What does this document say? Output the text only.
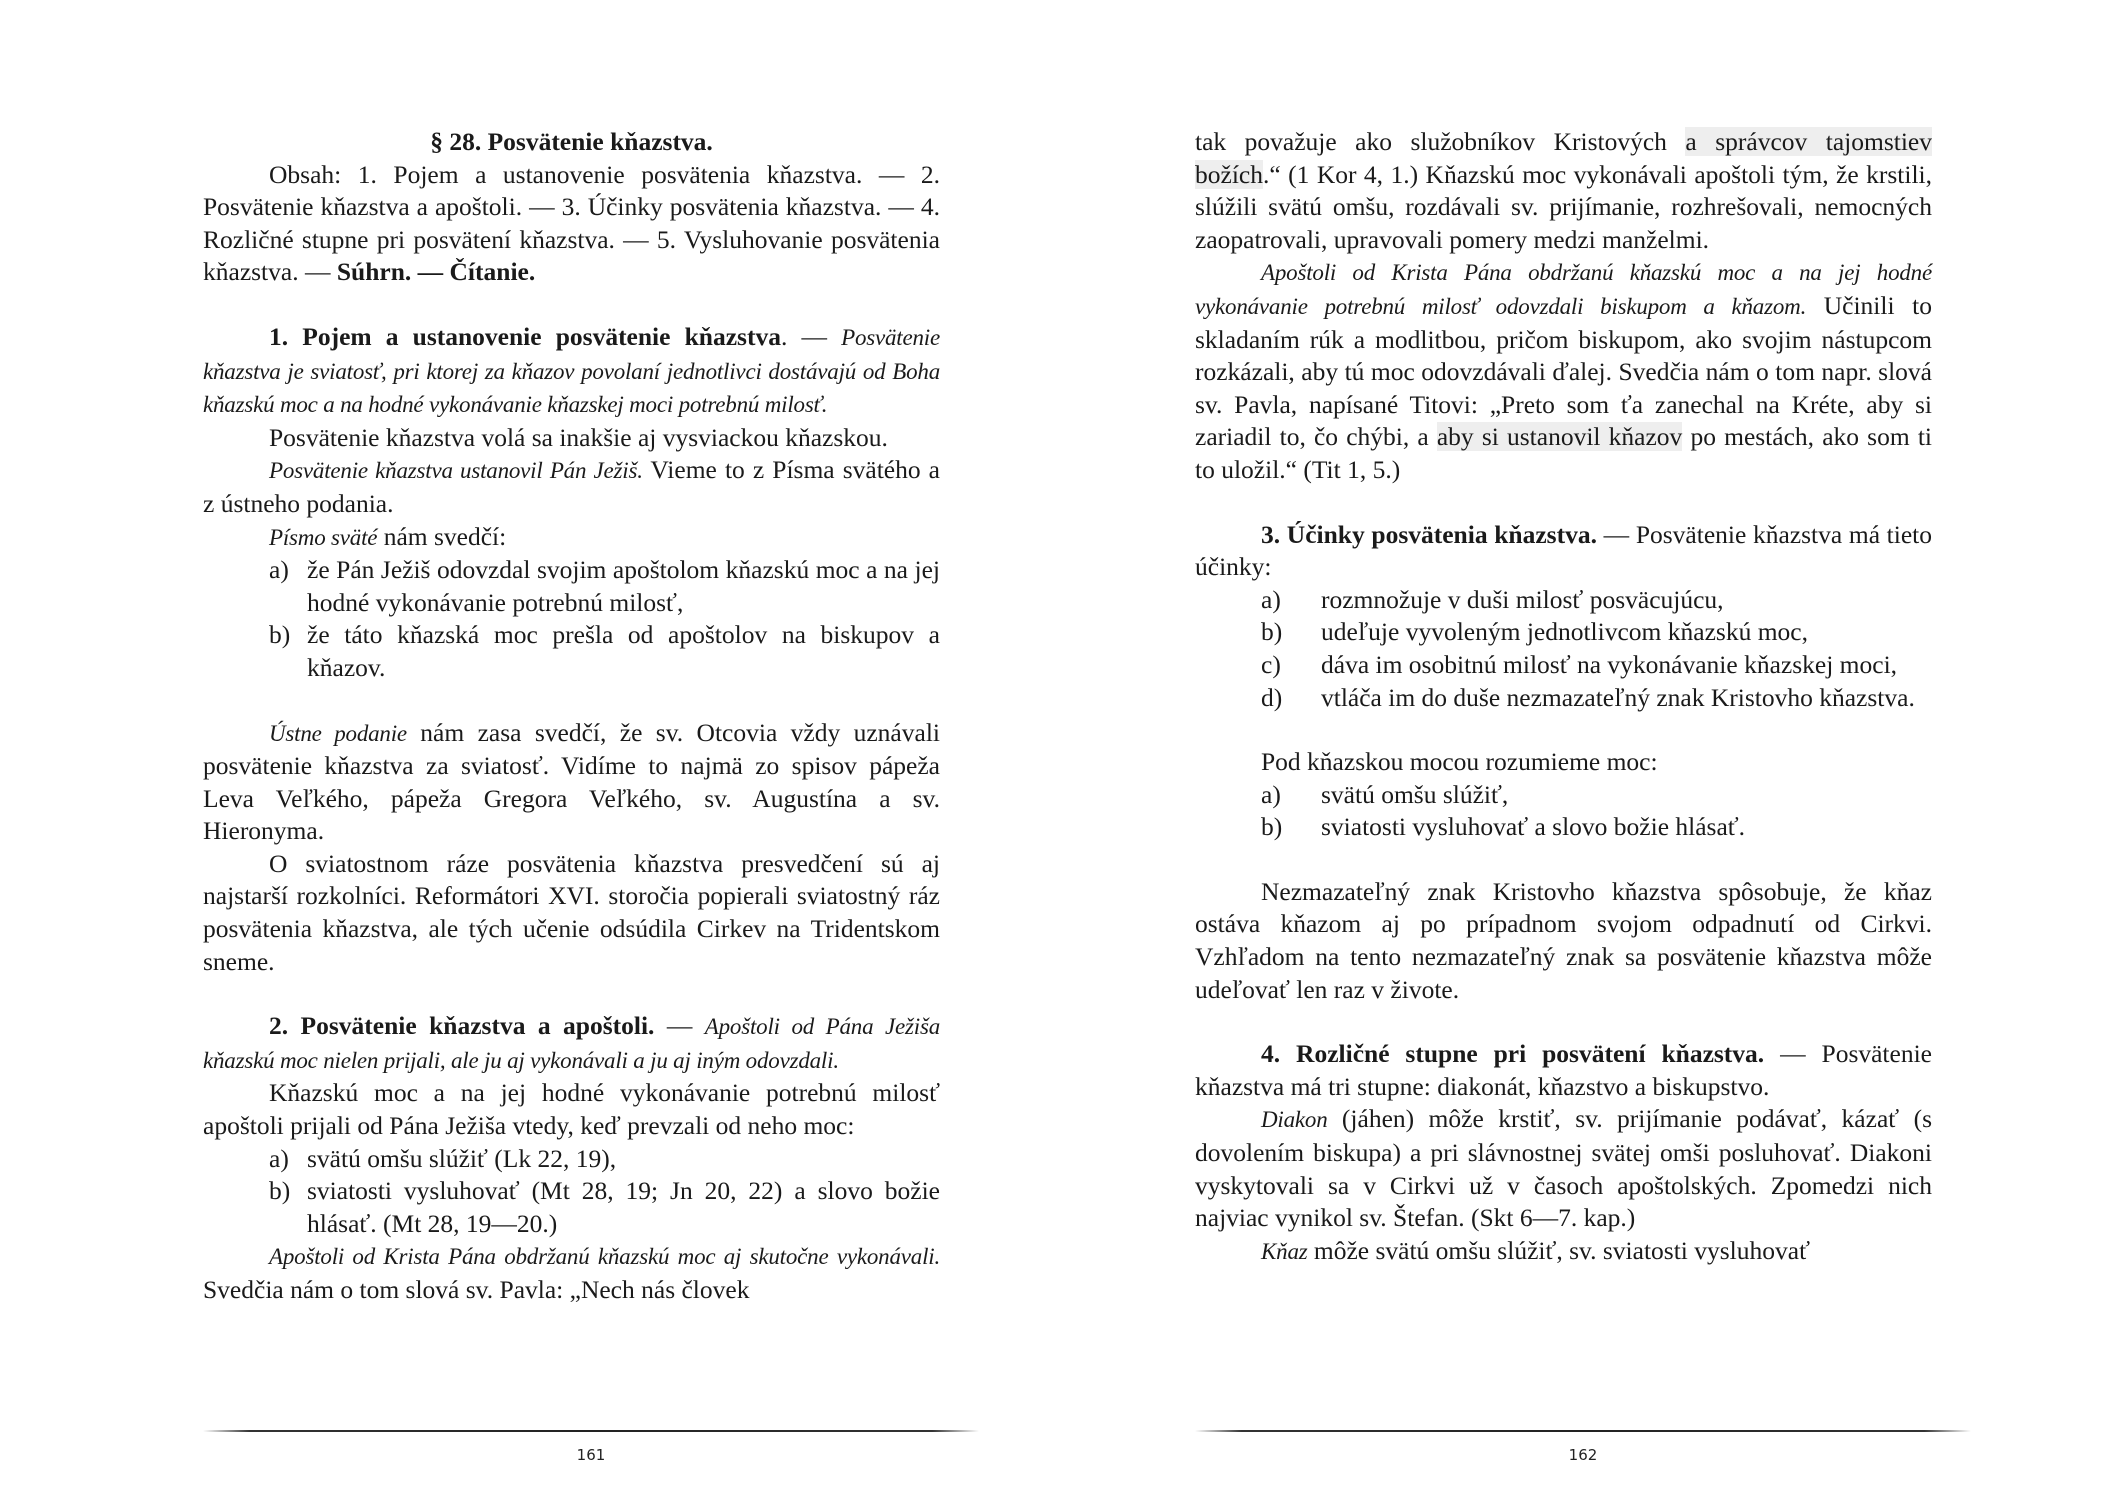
§ 28. Posvätenie kňazstva.

Obsah: 1. Pojem a ustanovenie posvätenia kňazstva. — 2. Posvätenie kňazstva a apoštoli. — 3. Účinky posvätenia kňazstva. — 4. Rozličné stupne pri posvätení kňazstva. — 5. Vysluhovanie posvätenia kňazstva. — Súhrn. — Čítanie.

1. Pojem a ustanovenie posvätenie kňazstva. — Posvätenie kňazstva je sviatosť, pri ktorej za kňazov povolaní jednotlivci dostávajú od Boha kňazskú moc a na hodné vykonávanie kňazskej moci potrebnú milosť.

Posvätenie kňazstva volá sa inakšie aj vysviackou kňazskou.

Posvätenie kňazstva ustanovil Pán Ježiš. Vieme to z Písma svätého a z ústneho podania.

Písmo sväté nám svedčí:

a) že Pán Ježiš odovzdal svojim apoštolom kňazskú moc a na jej hodné vykonávanie potrebnú milosť,
b) že táto kňazská moc prešla od apoštolov na biskupov a kňazov.

Ústne podanie nám zasa svedčí, že sv. Otcovia vždy uznávali posvätenie kňazstva za sviatosť. Vidíme to najmä zo spisov pápeža Leva Veľkého, pápeža Gregora Veľkého, sv. Augustína a sv. Hieronyma.

O sviatostnom ráze posvätenia kňazstva presvedčení sú aj najstarší rozkolníci. Reformátori XVI. storočia popierali sviatostný ráz posvätenia kňazstva, ale tých učenie odsúdila Cirkev na Tridentskom sneme.

2. Posvätenie kňazstva a apoštoli. — Apoštoli od Pána Ježiša kňazskú moc nielen prijali, ale ju aj vykonávali a ju aj iným odovzdali.

Kňazskú moc a na jej hodné vykonávanie potrebnú milosť apoštoli prijali od Pána Ježiša vtedy, keď prevzali od neho moc:

a) svätú omšu slúžiť (Lk 22, 19),
b) sviatosti vysluhovať (Mt 28, 19; Jn 20, 22) a slovo božie hlásať. (Mt 28, 19—20.)

Apoštoli od Krista Pána obdržanú kňazskú moc aj skutočne vykonávali. Svedčia nám o tom slová sv. Pavla: „Nech nás človek

161

tak považuje ako služobníkov Kristových a správcov tajomstiev božích.“ (1 Kor 4, 1.) Kňazskú moc vykonávali apoštoli tým, že krstili, slúžili svätú omšu, rozdávali sv. prijímanie, rozhrešovali, nemocných zaopatrovali, upravovali pomery medzi manželmi.

Apoštoli od Krista Pána obdržanú kňazskú moc a na jej hodné vykonávanie potrebnú milosť odovzdali biskupom a kňazom. Učinili to skladaním rúk a modlitbou, pričom biskupom, ako svojim nástupcom rozkázali, aby tú moc odovzdávali ďalej. Svedčia nám o tom napr. slová sv. Pavla, napísané Titovi: „Preto som ťa zanechal na Kréte, aby si zariadil to, čo chýbi, a aby si ustanovil kňazov po mestách, ako som ti to uložil.“ (Tit 1, 5.)

3. Účinky posvätenia kňazstva. — Posvätenie kňazstva má tieto účinky:

a) rozmnožuje v duši milosť posväcujúcu,
b) udeľuje vyvoleným jednotlivcom kňazskú moc,
c) dáva im osobitnú milosť na vykonávanie kňazskej moci,
d) vtláča im do duše nezmazateľný znak Kristovho kňazstva.

Pod kňazskou mocou rozumieme moc:

a) svätú omšu slúžiť,
b) sviatosti vysluhovať a slovo božie hlásať.

Nezmazateľný znak Kristovho kňazstva spôsobuje, že kňaz ostáva kňazom aj po prípadnom svojom odpadnutí od Cirkvi. Vzhľadom na tento nezmazateľný znak sa posvätenie kňazstva môže udeľovať len raz v živote.

4. Rozličné stupne pri posvätení kňazstva. — Posvätenie kňazstva má tri stupne: diakonát, kňazstvo a biskupstvo.

Diakon (jáhen) môže krstiť, sv. prijímanie podávať, kázať (s dovolením biskupa) a pri slávnostnej svätej omši posluhovať. Diakoni vyskytovali sa v Cirkvi už v časoch apoštolských. Zpomedzi nich najviac vynikol sv. Štefan. (Skt 6—7. kap.)

Kňaz môže svätú omšu slúžiť, sv. sviatosti vysluhovať

162
